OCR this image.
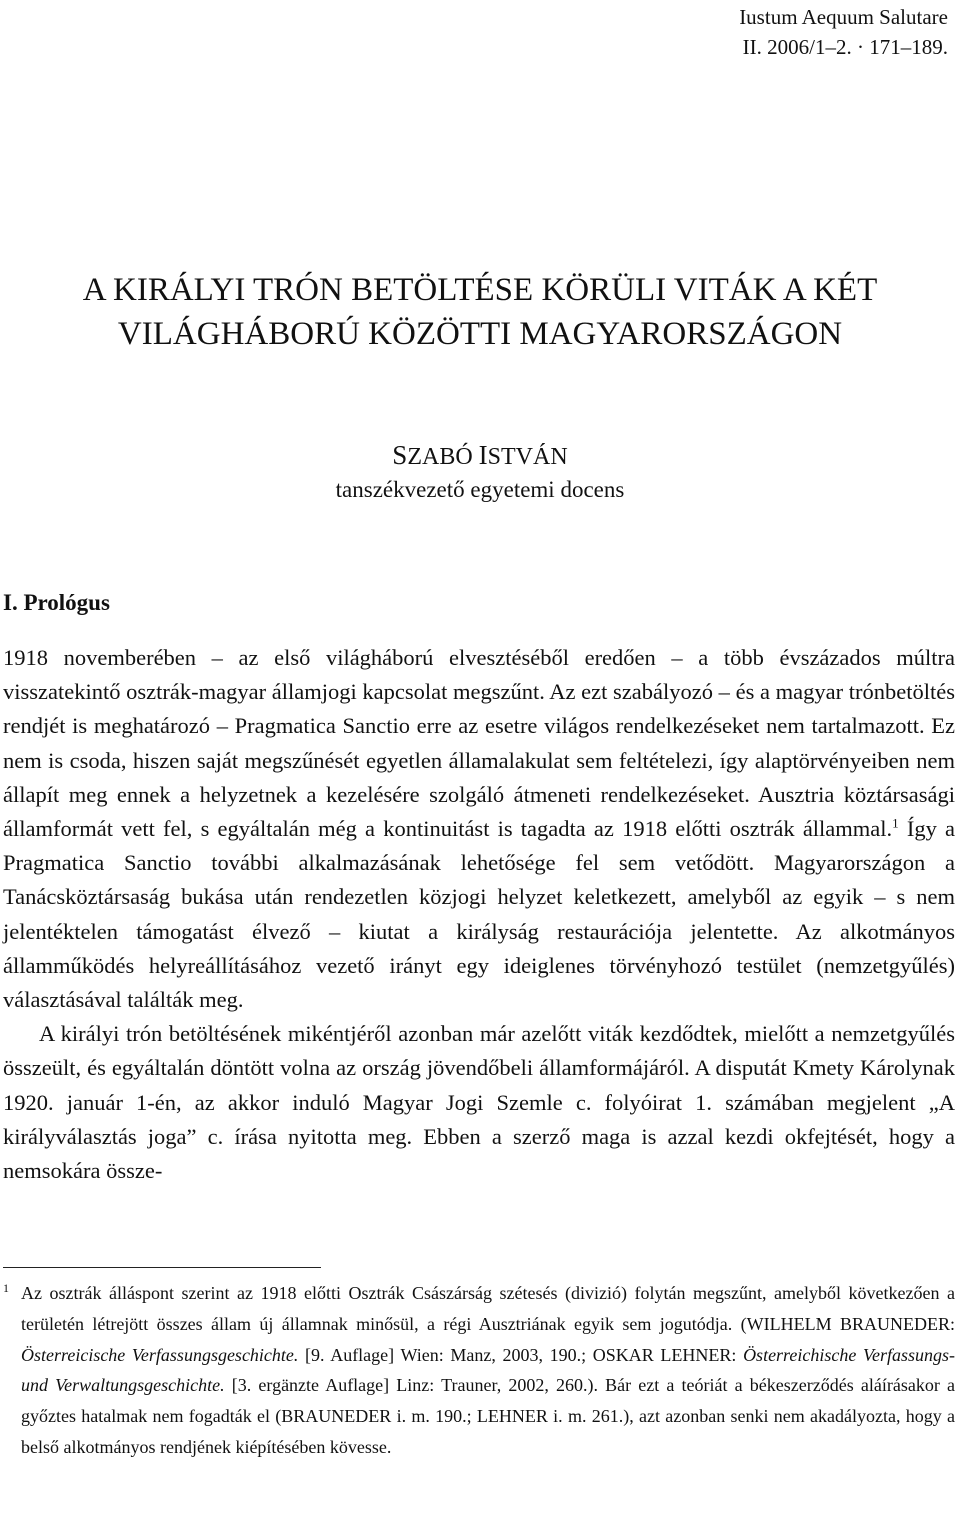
Iustum Aequum Salutare
II. 2006/1–2. · 171–189.
A KIRÁLYI TRÓN BETÖLTÉSE KÖRÜLI VITÁK A KÉT
VILÁGHÁBORÚ KÖZÖTTI MAGYARORSZÁGON
SZABÓ ISTVÁN
tanszékvezető egyetemi docens
I. Prológus

1918 novemberében – az első világháború elvesztéséből eredően – a több évszázados múltra visszatekintő osztrák-magyar államjogi kapcsolat megszűnt. Az ezt szabályozó – és a magyar trónbetöltés rendjét is meghatározó – Pragmatica Sanctio erre az esetre világos rendelkezéseket nem tartalmazott. Ez nem is csoda, hiszen saját megszűnését egyetlen államalakulat sem feltételezi, így alaptörvényeiben nem állapít meg ennek a helyzetnek a kezelésére szolgáló átmeneti rendelkezéseket. Ausztria köztársasági államformát vett fel, s egyáltalán még a kontinuitást is tagadta az 1918 előtti osztrák állammal.$^1$ Így a Pragmatica Sanctio további alkalmazásának lehetősége fel sem vetődött. Magyarországon a Tanácsköztársaság bukása után rendezetlen közjogi helyzet keletkezett, amelyből az egyik – s nem jelentéktelen támogatást élvező – kiutat a királyság restaurációja jelentette. Az alkotmányos államműködés helyreállításához vezető irányt egy ideiglenes törvényhozó testület (nemzetgyűlés) választásával találták meg.

A királyi trón betöltésének mikéntjéről azonban már azelőtt viták kezdődtek, mielőtt a nemzetgyűlés összeült, és egyáltalán döntött volna az ország jövendőbeli államformájáról. A disputát Kmety Károlynak 1920. január 1-én, az akkor induló Magyar Jogi Szemle c. folyóirat 1. számában megjelent „A királyválasztás joga” c. írása nyitotta meg. Ebben a szerző maga is azzal kezdi okfejtését, hogy a nemsokára össze-

$^1$ Az osztrák álláspont szerint az 1918 előtti Osztrák Császárság szétesés (divizió) folytán megszűnt, amelyből következően a területén létrejött összes állam új államnak minősül, a régi Ausztriának egyik sem jogutódja. (WILHELM BRAUNEDER: Österreicische Verfassungsgeschichte. [9. Auflage] Wien: Manz, 2003, 190.; OSKAR LEHNER: Österreichische Verfassungs- und Verwaltungsgeschichte. [3. ergänzte Auflage] Linz: Trauner, 2002, 260.). Bár ezt a teóriát a békeszerződés aláírásakor a győztes hatalmak nem fogadták el (BRAUNEDER i. m. 190.; LEHNER i. m. 261.), azt azonban senki nem akadályozta, hogy a belső alkotmányos rendjének kiépítésében kövesse.
